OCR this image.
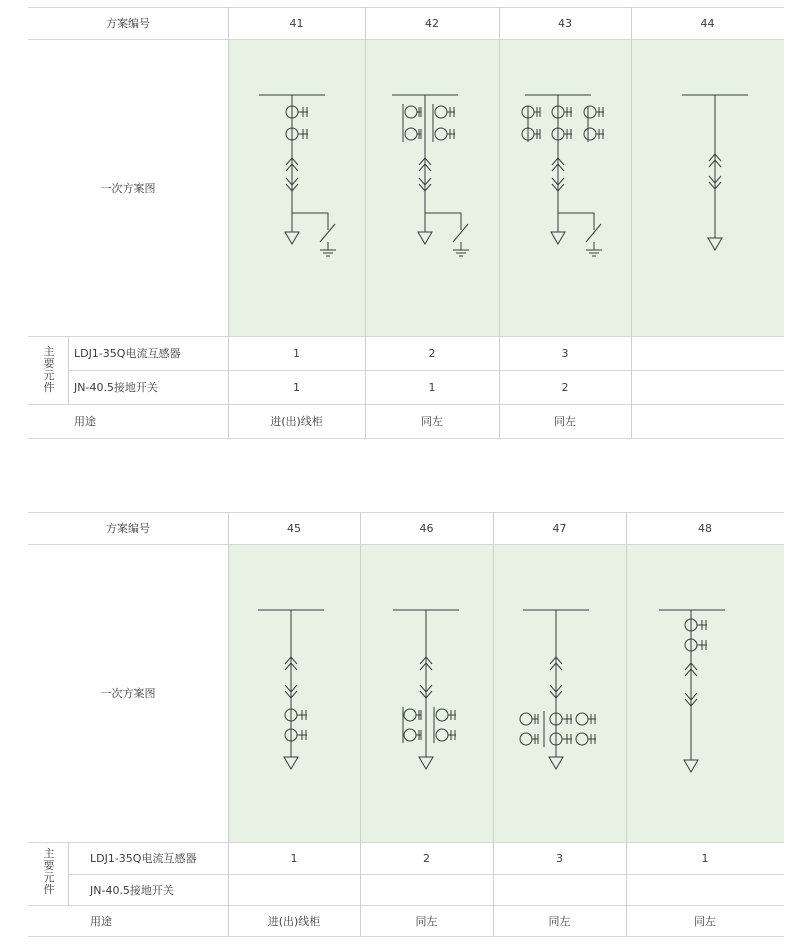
方案编号	41	42	43	44
一次方案图
主
要
元
件
LDJ1-35Q电流互感器	1	2	3
JN-40.5接地开关	1	1	2
用途	进(出)线柜	同左	同左
方案编号	45	46	47	48
一次方案图
主
要
元
件
LDJ1-35Q电流互感器	1	2	3	1
JN-40.5接地开关
用途	进(出)线柜	同左	同左	同左
